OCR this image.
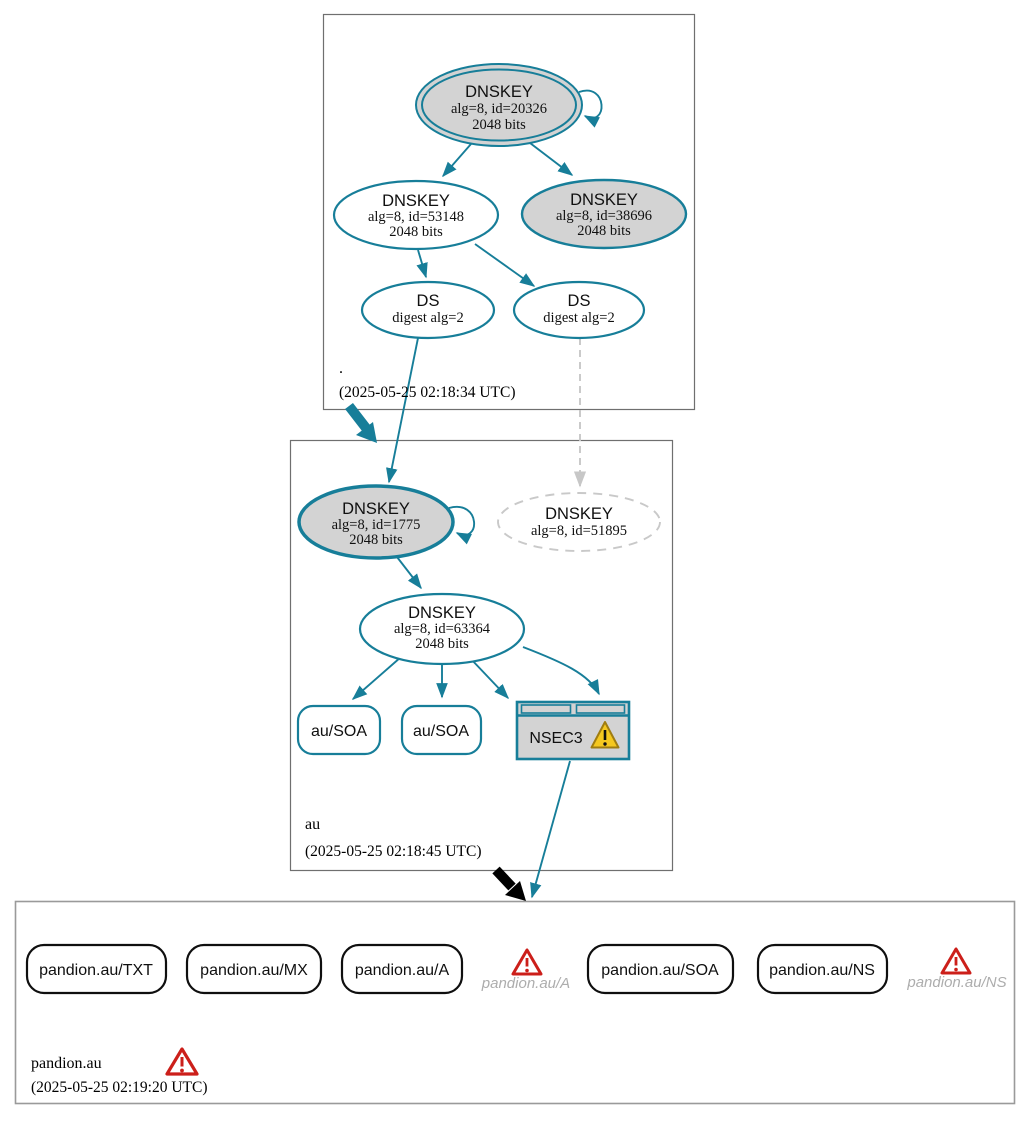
DNSKEY
alg=8, id=20326
2048 bits
DNSKEY
alg=8, id=53148
2048 bits
DNSKEY
alg=8, id=38696
2048 bits
DS
digest alg=2
DS
digest alg=2
.
(2025-05-25 02:18:34 UTC)
DNSKEY
alg=8, id=1775
2048 bits
DNSKEY
alg=8, id=51895
DNSKEY
alg=8, id=63364
2048 bits
au/SOA	au/SOA	NSEC3
au
(2025-05-25 02:18:45 UTC)
pandion.au/TXT	pandion.au/MX	pandion.au/A
pandion.au/A
pandion.au/SOA	pandion.au/NS
pandion.au/NS
pandion.au
(2025-05-25 02:19:20 UTC)
